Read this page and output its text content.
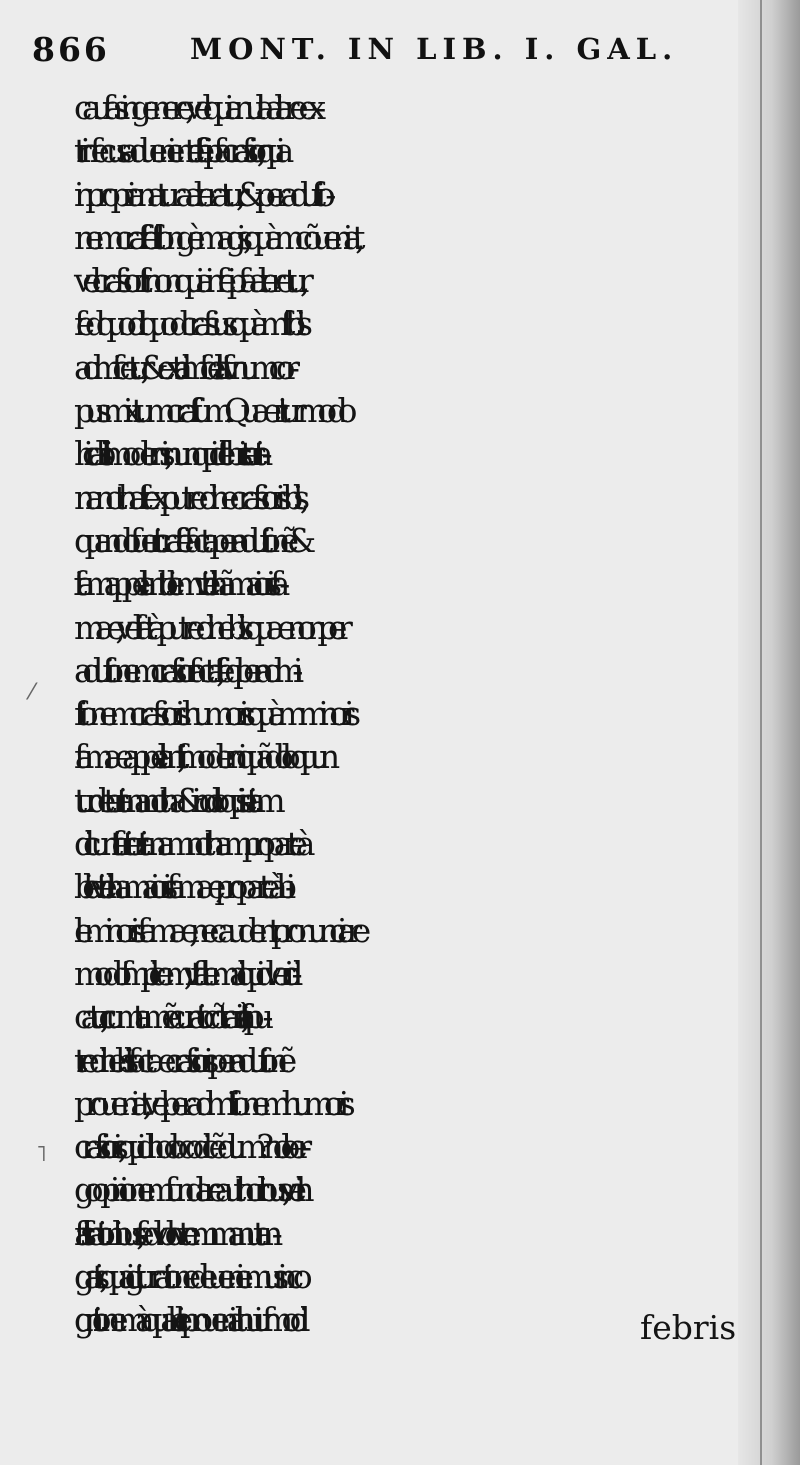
866	MONT. IN LIB. I. GAL.
caufas in genere,vel quia nulla alia re ex-
trinfecus adueniente fit feipfa crafsior,quia
in propria natura alteratur,& per aduftio-
nem craffefit longè magis,quàm cõueniat,
vel crafsior fit non quia in feipfa alteretur,
fed quod illi quod crafsius quàm fit bilis
admifcetur,& ex tali mifcella fit vnum cor-
pus mixtum craffum. Quæritur modo
hic ab illis modernis,nunquid febris tertia-
na notha fit ex putredine crafsioris bilis,
quando fuerit craffefacta per aduftionẽ &
iftam appellant bilem vitellinã maioris fa-
mæ,vel fiat à putredine bilis quæ non per
aduftionem crafsior facta fit,fed per admi-
ftionem crafsioris humoris quàm minoris
famæ appellant,ifti moderni quãdo loquun
tur de tertiana notha & in colloquiis etiam
dicunt fieri tertianam notham pro parte à
bile vitellina maioris famæ,pro parte à bi-
le minoris famæ, nec audent pronunciare
modo fimplicem,vt faltem aliquid veri di-
catur,cum tamẽ curatio cõtraria fit,fi à pu-
tredine bilis factæ crafsioris per aduftionẽ
proueniat ,vel per admiftionem humoris
crafsioris,quid hoc loco dicẽdum?nolo er-
go opinionem fundare authoribus , vel in
falfis rationibus,fed volo vt rem manu tan-
gatis,qua igitur ratione deueniemus in co
gnitionem à qua bile proueniat huiufmodi	febris
⁄
˥
